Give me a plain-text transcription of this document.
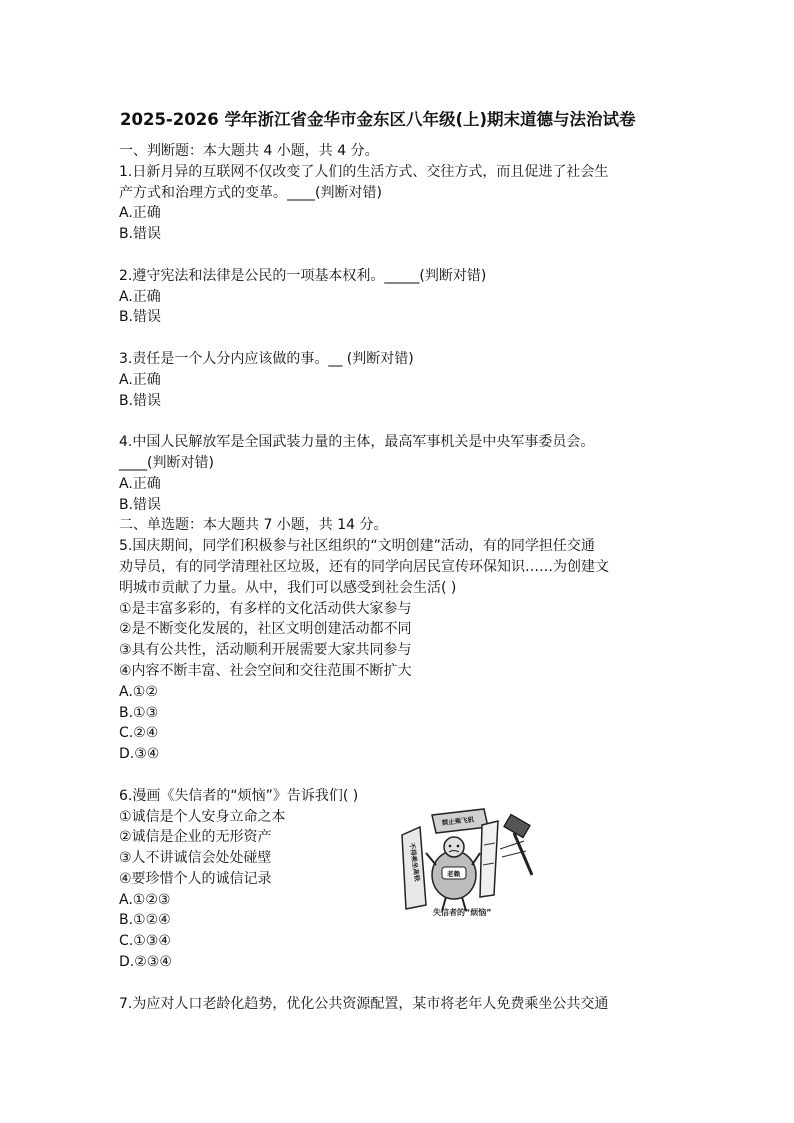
2025-2026 学年浙江省金华市金东区八年级(上)期末道德与法治试卷
一、判断题：本大题共 4 小题，共 4 分。
1.日新月异的互联网不仅改变了人们的生活方式、交往方式，而且促进了社会生
产方式和治理方式的变革。____(判断对错)
A.正确
B.错误
2.遵守宪法和法律是公民的一项基本权利。_____(判断对错)
A.正确
B.错误
3.责任是一个人分内应该做的事。__ (判断对错)
A.正确
B.错误
4.中国人民解放军是全国武装力量的主体，最高军事机关是中央军事委员会。
____(判断对错)
A.正确
B.错误
二、单选题：本大题共 7 小题，共 14 分。
5.国庆期间，同学们积极参与社区组织的“文明创建”活动，有的同学担任交通
劝导员，有的同学清理社区垃圾，还有的同学向居民宣传环保知识……为创建文
明城市贡献了力量。从中，我们可以感受到社会生活( )
①是丰富多彩的，有多样的文化活动供大家参与
②是不断变化发展的，社区文明创建活动都不同
③具有公共性，活动顺利开展需要大家共同参与
④内容不断丰富、社会空间和交往范围不断扩大
A.①②
B.①③
C.②④
D.③④
6.漫画《失信者的“烦恼”》告诉我们( )
①诚信是个人安身立命之本
②诚信是企业的无形资产
③人不讲诚信会处处碰壁
④要珍惜个人的诚信记录
A.①②③
B.①②④
C.①③④
D.②③④
7.为应对人口老龄化趋势，优化公共资源配置，某市将老年人免费乘坐公共交通
不得乘坐高铁
禁止乘飞机
老赖
失信者的“烦恼”
